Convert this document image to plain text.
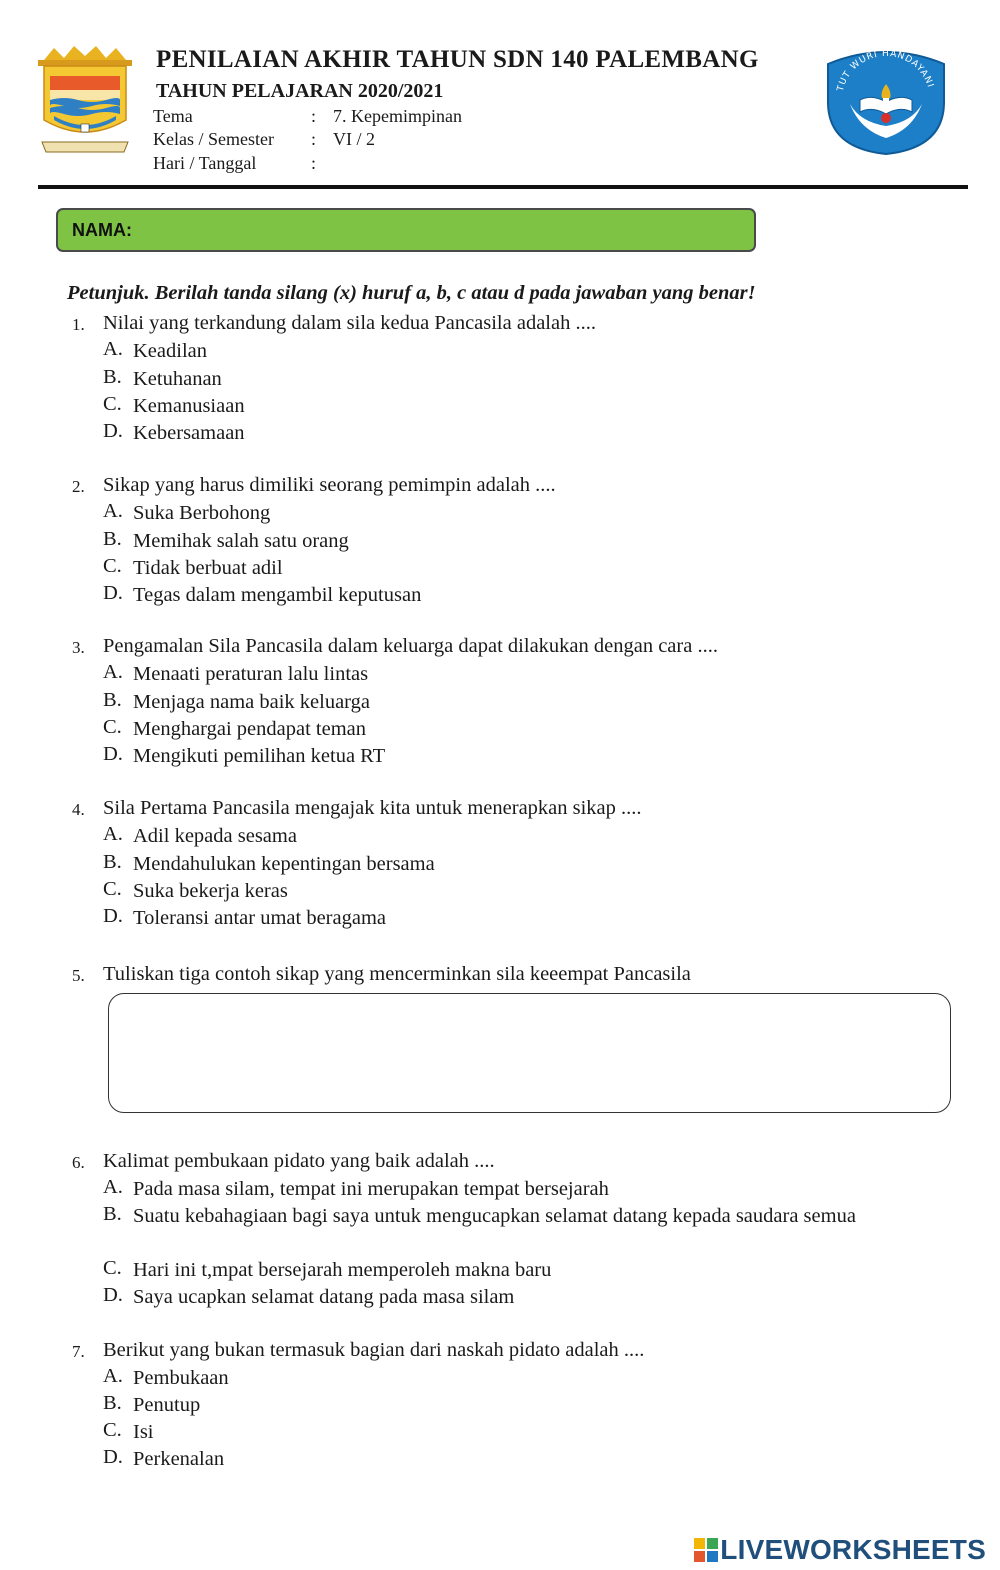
PENILAIAN AKHIR TAHUN SDN 140 PALEMBANG
TAHUN PELAJARAN 2020/2021
Tema	: 7. Kepemimpinan
Kelas / Semester : VI / 2
Hari / Tanggal	:
TUT WURI HANDAYANI
NAMA:
Petunjuk. Berilah tanda silang (x) huruf a, b, c atau d pada jawaban yang benar!
1. Nilai yang terkandung dalam sila kedua Pancasila adalah ....
A. Keadilan
B. Ketuhanan
C. Kemanusiaan
D. Kebersamaan
2. Sikap yang harus dimiliki seorang pemimpin adalah ....
A. Suka Berbohong
B. Memihak salah satu orang
C. Tidak berbuat adil
D. Tegas dalam mengambil keputusan
3. Pengamalan Sila Pancasila dalam keluarga dapat dilakukan dengan cara ....
A. Menaati peraturan lalu lintas
B. Menjaga nama baik keluarga
C. Menghargai pendapat teman
D. Mengikuti pemilihan ketua RT
4. Sila Pertama Pancasila mengajak kita untuk menerapkan sikap ....
A. Adil kepada sesama
B. Mendahulukan kepentingan bersama
C. Suka bekerja keras
D. Toleransi antar umat beragama
5. Tuliskan tiga contoh sikap yang mencerminkan sila keeempat Pancasila
6. Kalimat pembukaan pidato yang baik adalah ....
A. Pada masa silam, tempat ini merupakan tempat bersejarah
B. Suatu kebahagiaan bagi saya untuk mengucapkan selamat datang kepada saudara semua
C. Hari ini t,mpat bersejarah memperoleh makna baru
D. Saya ucapkan selamat datang pada masa silam
7. Berikut yang bukan termasuk bagian dari naskah pidato adalah ....
A. Pembukaan
B. Penutup
C. Isi
D. Perkenalan
LIVEWORKSHEETS
